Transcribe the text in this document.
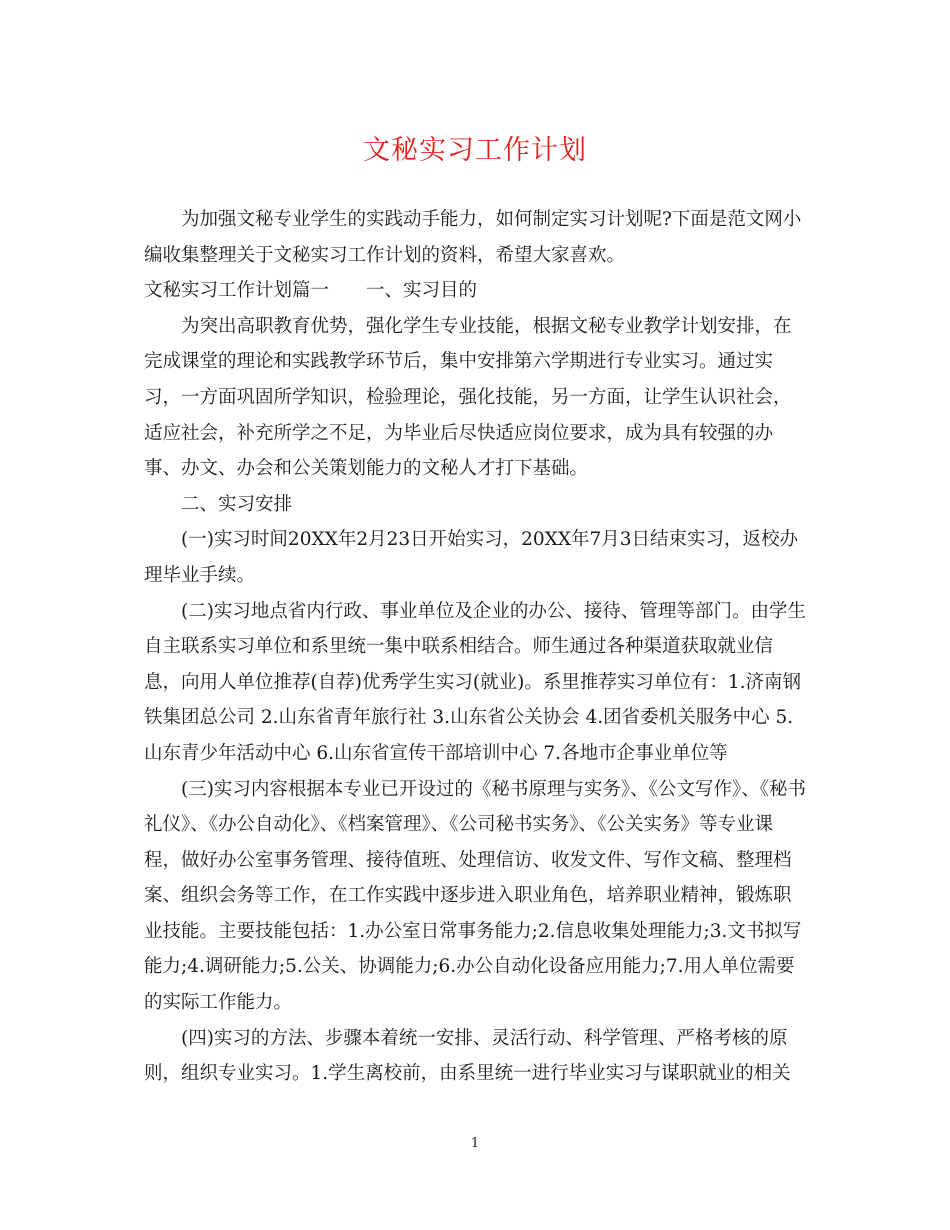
文秘实习工作计划

为加强文秘专业学生的实践动手能力，如何制定实习计划呢?下面是范文网小编收集整理关于文秘实习工作计划的资料，希望大家喜欢。

文秘实习工作计划篇一　　一、实习目的

为突出高职教育优势，强化学生专业技能，根据文秘专业教学计划安排，在完成课堂的理论和实践教学环节后，集中安排第六学期进行专业实习。通过实习，一方面巩固所学知识，检验理论，强化技能，另一方面，让学生认识社会，适应社会，补充所学之不足，为毕业后尽快适应岗位要求，成为具有较强的办事、办文、办会和公关策划能力的文秘人才打下基础。

二、实习安排

(一)实习时间20XX年2月23日开始实习，20XX年7月3日结束实习，返校办理毕业手续。

(二)实习地点省内行政、事业单位及企业的办公、接待、管理等部门。由学生自主联系实习单位和系里统一集中联系相结合。师生通过各种渠道获取就业信息，向用人单位推荐(自荐)优秀学生实习(就业)。系里推荐实习单位有：1.济南钢铁集团总公司 2.山东省青年旅行社 3.山东省公关协会 4.团省委机关服务中心 5.山东青少年活动中心 6.山东省宣传干部培训中心 7.各地市企事业单位等

(三)实习内容根据本专业已开设过的《秘书原理与实务》、《公文写作》、《秘书礼仪》、《办公自动化》、《档案管理》、《公司秘书实务》、《公关实务》等专业课程，做好办公室事务管理、接待值班、处理信访、收发文件、写作文稿、整理档案、组织会务等工作，在工作实践中逐步进入职业角色，培养职业精神，锻炼职业技能。主要技能包括：1.办公室日常事务能力;2.信息收集处理能力;3.文书拟写能力;4.调研能力;5.公关、协调能力;6.办公自动化设备应用能力;7.用人单位需要的实际工作能力。

(四)实习的方法、步骤本着统一安排、灵活行动、科学管理、严格考核的原则，组织专业实习。1.学生离校前，由系里统一进行毕业实习与谋职就业的相关

1
